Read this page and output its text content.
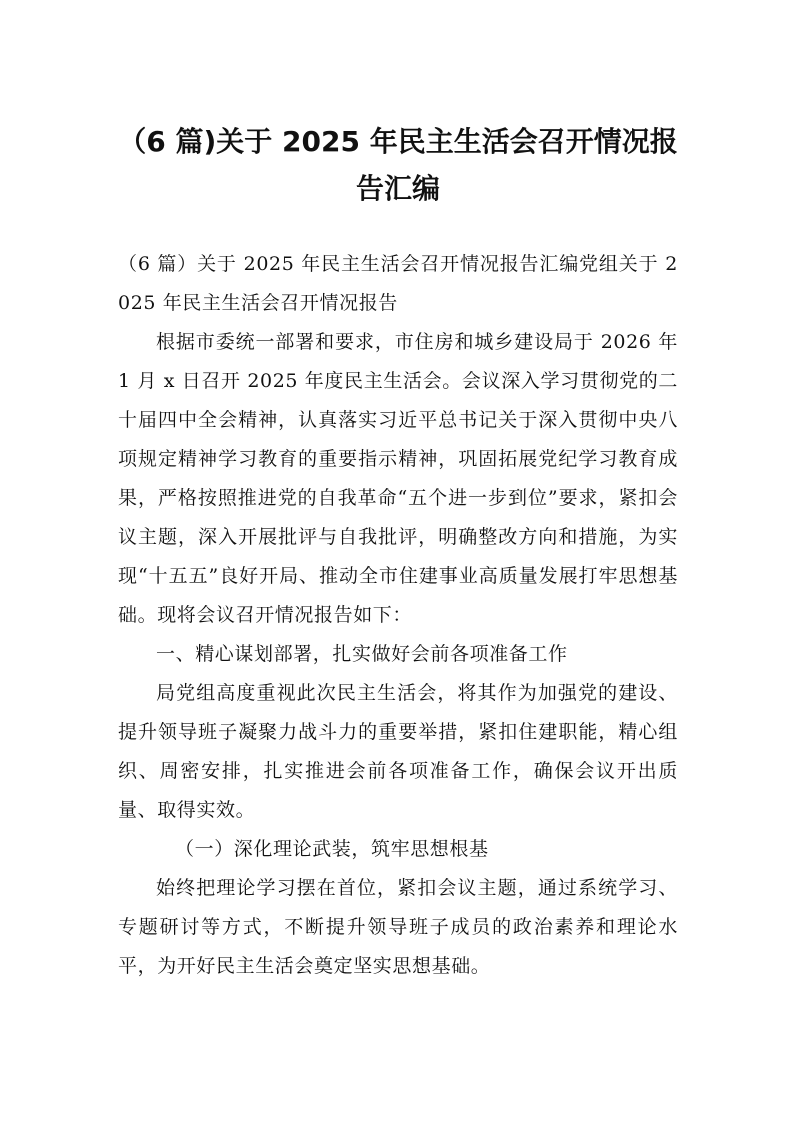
（6 篇)关于 2025 年民主生活会召开情况报
告汇编

（6 篇）关于 2025 年民主生活会召开情况报告汇编党组关于 2025 年民主生活会召开情况报告

根据市委统一部署和要求，市住房和城乡建设局于 2026 年 1 月 x 日召开 2025 年度民主生活会。会议深入学习贯彻党的二十届四中全会精神，认真落实习近平总书记关于深入贯彻中央八项规定精神学习教育的重要指示精神，巩固拓展党纪学习教育成果，严格按照推进党的自我革命“五个进一步到位”要求，紧扣会议主题，深入开展批评与自我批评，明确整改方向和措施，为实现“十五五”良好开局、推动全市住建事业高质量发展打牢思想基础。现将会议召开情况报告如下：

一、精心谋划部署，扎实做好会前各项准备工作

局党组高度重视此次民主生活会，将其作为加强党的建设、提升领导班子凝聚力战斗力的重要举措，紧扣住建职能，精心组织、周密安排，扎实推进会前各项准备工作，确保会议开出质量、取得实效。

（一）深化理论武装，筑牢思想根基

始终把理论学习摆在首位，紧扣会议主题，通过系统学习、专题研讨等方式，不断提升领导班子成员的政治素养和理论水平，为开好民主生活会奠定坚实思想基础。
